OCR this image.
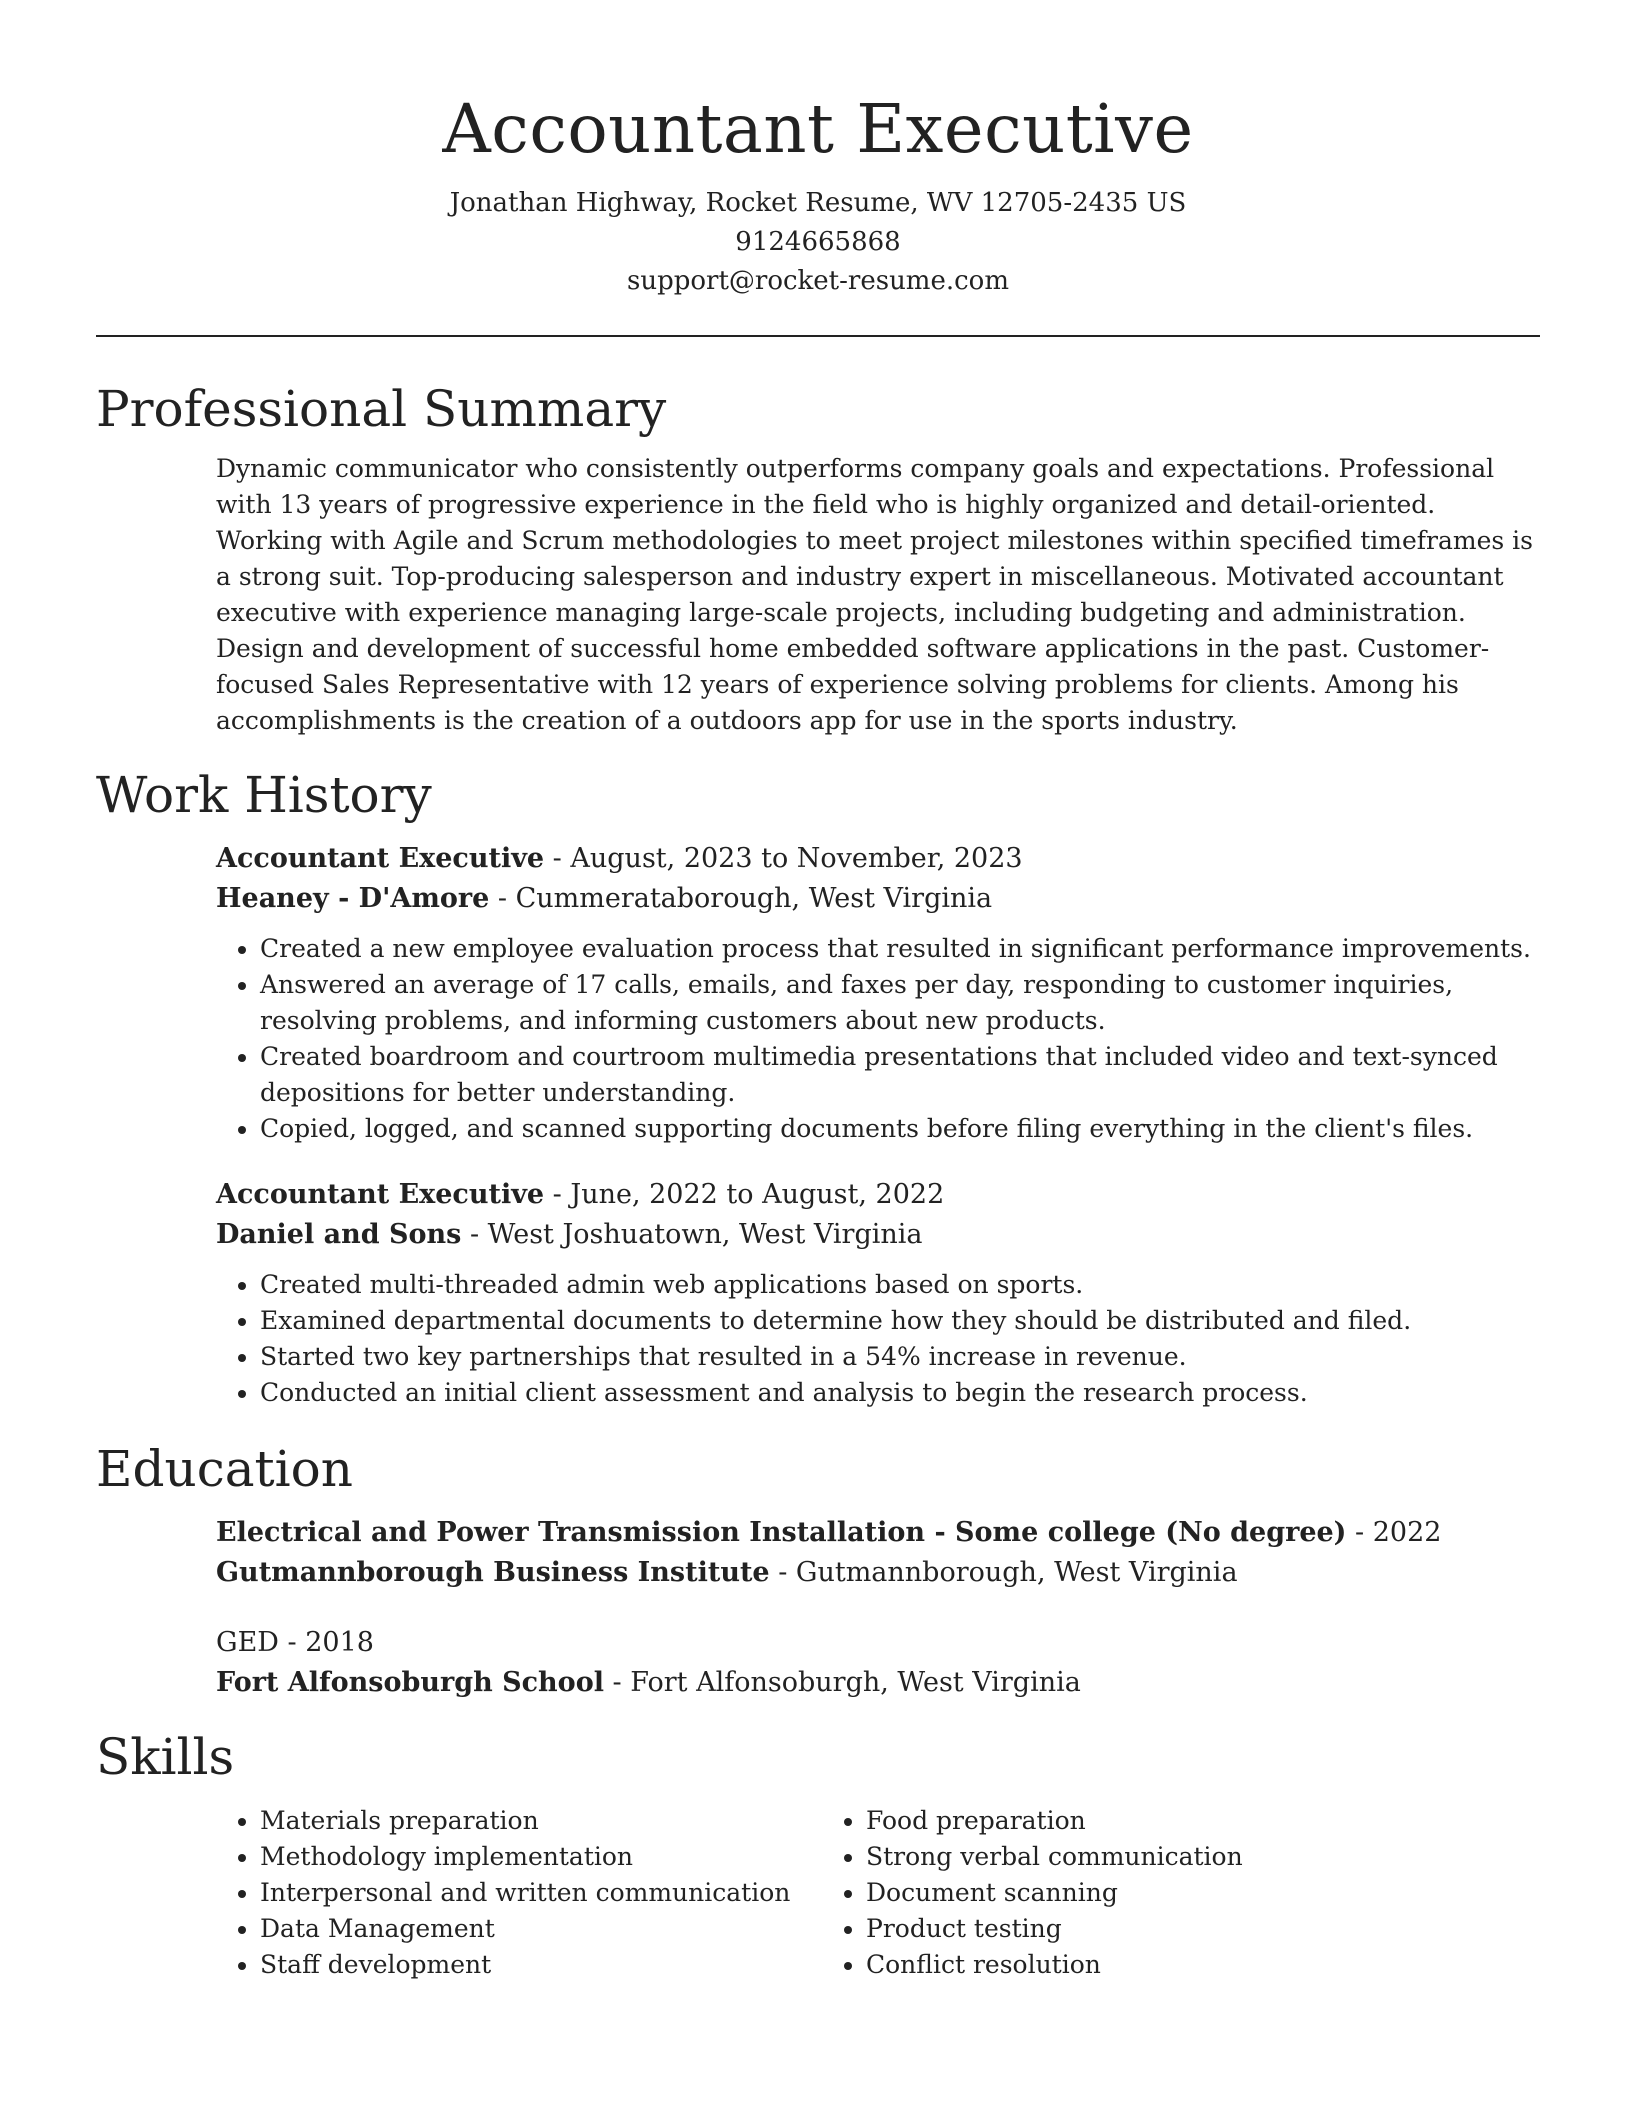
Accountant Executive
Jonathan Highway, Rocket Resume, WV 12705-2435 US
9124665868
support@rocket-resume.com
Professional Summary
Dynamic communicator who consistently outperforms company goals and expectations. Professional with 13 years of progressive experience in the field who is highly organized and detail-oriented. Working with Agile and Scrum methodologies to meet project milestones within specified timeframes is a strong suit. Top-producing salesperson and industry expert in miscellaneous. Motivated accountant executive with experience managing large-scale projects, including budgeting and administration. Design and development of successful home embedded software applications in the past. Customer-focused Sales Representative with 12 years of experience solving problems for clients. Among his accomplishments is the creation of a outdoors app for use in the sports industry.
Work History
Accountant Executive - August, 2023 to November, 2023
Heaney - D'Amore - Cummerataborough, West Virginia
• Created a new employee evaluation process that resulted in significant performance improvements.
• Answered an average of 17 calls, emails, and faxes per day, responding to customer inquiries, resolving problems, and informing customers about new products.
• Created boardroom and courtroom multimedia presentations that included video and text-synced depositions for better understanding.
• Copied, logged, and scanned supporting documents before filing everything in the client's files.
Accountant Executive - June, 2022 to August, 2022
Daniel and Sons - West Joshuatown, West Virginia
• Created multi-threaded admin web applications based on sports.
• Examined departmental documents to determine how they should be distributed and filed.
• Started two key partnerships that resulted in a 54% increase in revenue.
• Conducted an initial client assessment and analysis to begin the research process.
Education
Electrical and Power Transmission Installation - Some college (No degree) - 2022
Gutmannborough Business Institute - Gutmannborough, West Virginia
GED - 2018
Fort Alfonsoburgh School - Fort Alfonsoburgh, West Virginia
Skills
• Materials preparation
• Methodology implementation
• Interpersonal and written communication
• Data Management
• Staff development
• Food preparation
• Strong verbal communication
• Document scanning
• Product testing
• Conflict resolution
